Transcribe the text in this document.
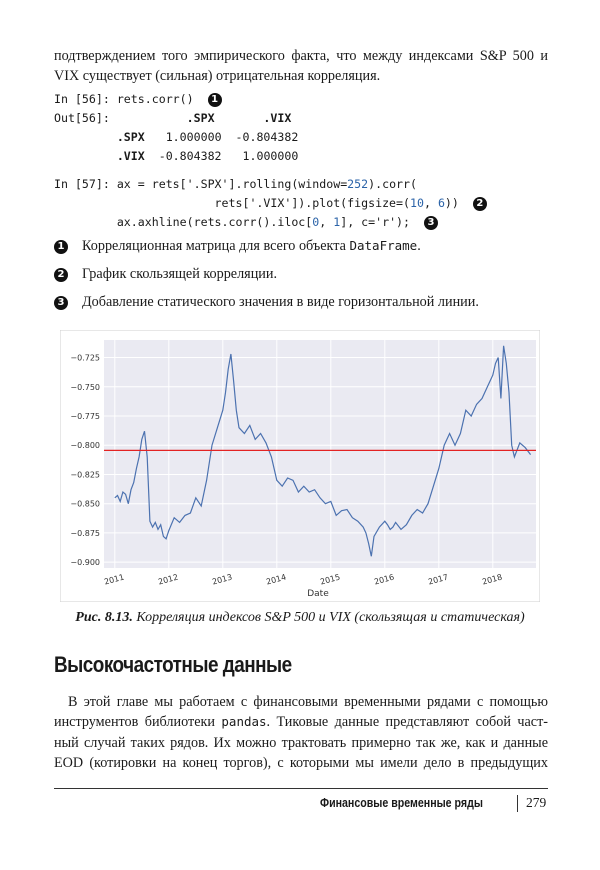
подтверждением того эмпирического факта, что между индексами S&P 500 и
VIX существует (сильная) отрицательная корреляция.
In [56]: rets.corr() 1
Out[56]:	.SPX	.VIX
.SPX 1.000000 -0.804382
.VIX -0.804382 1.000000
In [57]: ax = rets['.SPX'].rolling(window=252).corr(
rets['.VIX']).plot(figsize=(10, 6)) 2
ax.axhline(rets.corr().iloc[0, 1], c='r'); 3
1 Корреляционная матрица для всего объекта DataFrame.
2 График скользящей корреляции.
3 Добавление статического значения в виде горизонтальной линии.
−0.725
−0.750
−0.775
−0.800
−0.825
−0.850
−0.875
−0.900
2011	2012	2013	2014	2015	2016	2017	2018
Date
Рис. 8.13. Корреляция индексов S&P 500 и VIX (скользящая и статическая)
Высокочастотные данные
В этой главе мы работаем с финансовыми временными рядами с помощью
инструментов библиотеки pandas. Тиковые данные представляют собой част-
ный случай таких рядов. Их можно трактовать примерно так же, как и данные
EOD (котировки на конец торгов), с которыми мы имели дело в предыдущих
Финансовые временные ряды	279
